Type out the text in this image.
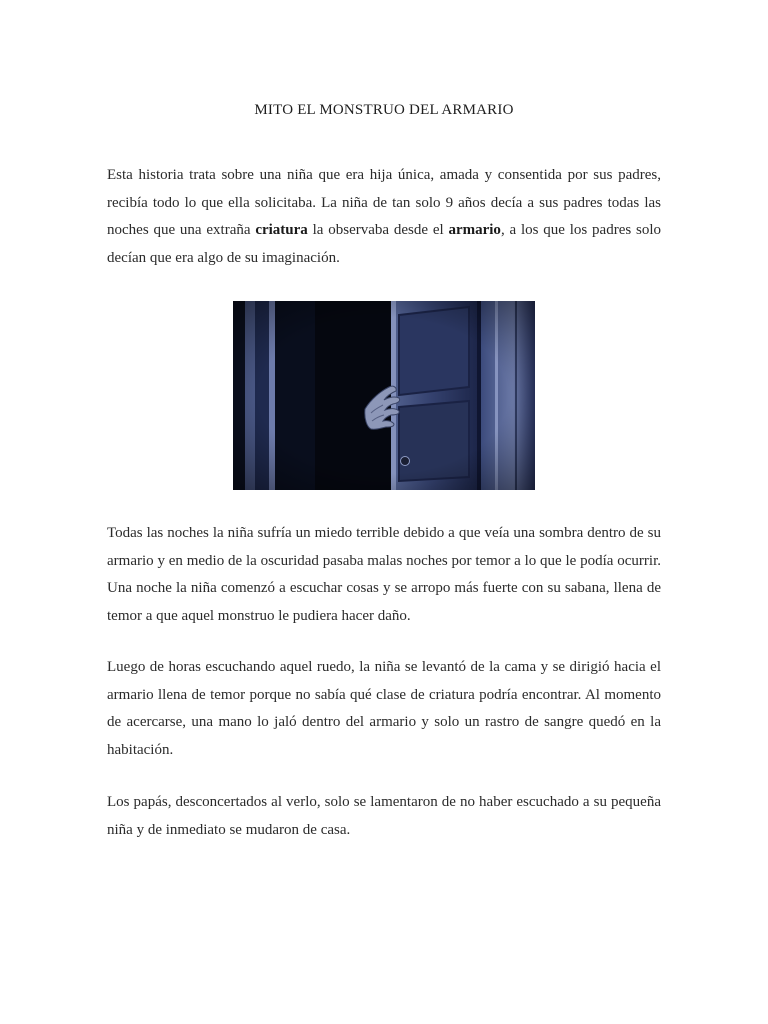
MITO EL MONSTRUO DEL ARMARIO

Esta historia trata sobre una niña que era hija única, amada y consentida por sus padres, recibía todo lo que ella solicitaba. La niña de tan solo 9 años decía a sus padres todas las noches que una extraña criatura la observaba desde el armario, a los que los padres solo decían que era algo de su imaginación.

Todas las noches la niña sufría un miedo terrible debido a que veía una sombra dentro de su armario y en medio de la oscuridad pasaba malas noches por temor a lo que le podía ocurrir. Una noche la niña comenzó a escuchar cosas y se arropo más fuerte con su sabana, llena de temor a que aquel monstruo le pudiera hacer daño.

Luego de horas escuchando aquel ruedo, la niña se levantó de la cama y se dirigió hacia el armario llena de temor porque no sabía qué clase de criatura podría encontrar. Al momento de acercarse, una mano lo jaló dentro del armario y solo un rastro de sangre quedó en la habitación.

Los papás, desconcertados al verlo, solo se lamentaron de no haber escuchado a su pequeña niña y de inmediato se mudaron de casa.
